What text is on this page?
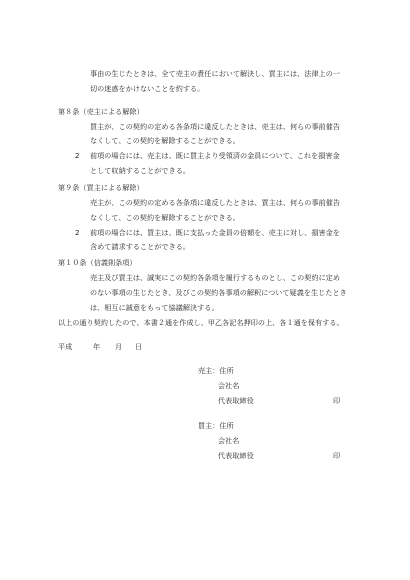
事由の生じたときは、全て売主の責任において解決し、買主には、法律上の一
切の迷惑をかけないことを約する。
第８条（売主による解除）
買主が、この契約の定める各条項に違反したときは、売主は、何らの事前催告
なくして、この契約を解除することができる。
2 前項の場合には、売主は、既に買主より受領済の金員について、これを損害金
として収納することができる。
第９条（買主による解除）
売主が、この契約の定める各条項に違反したときは、買主は、何らの事前催告
なくして、この契約を解除することができる。
2 前項の場合には、買主は、既に支払った金員の倍額を、売主に対し、損害金を
含めて請求することができる。
第１０条（信義則条項）
売主及び買主は、誠実にこの契約各条項を履行するものとし、この契約に定め
のない事項の生じたとき、及びこの契約各事項の解釈について疑義を生じたとき
は、相互に誠意をもって協議解決する。
以上の通り契約したので、本書２通を作成し、甲乙各記名押印の上、各１通を保有する。
平成	年 月 日
売主：住所
会社名
代表取締役	印
買主：住所
会社名
代表取締役	印
